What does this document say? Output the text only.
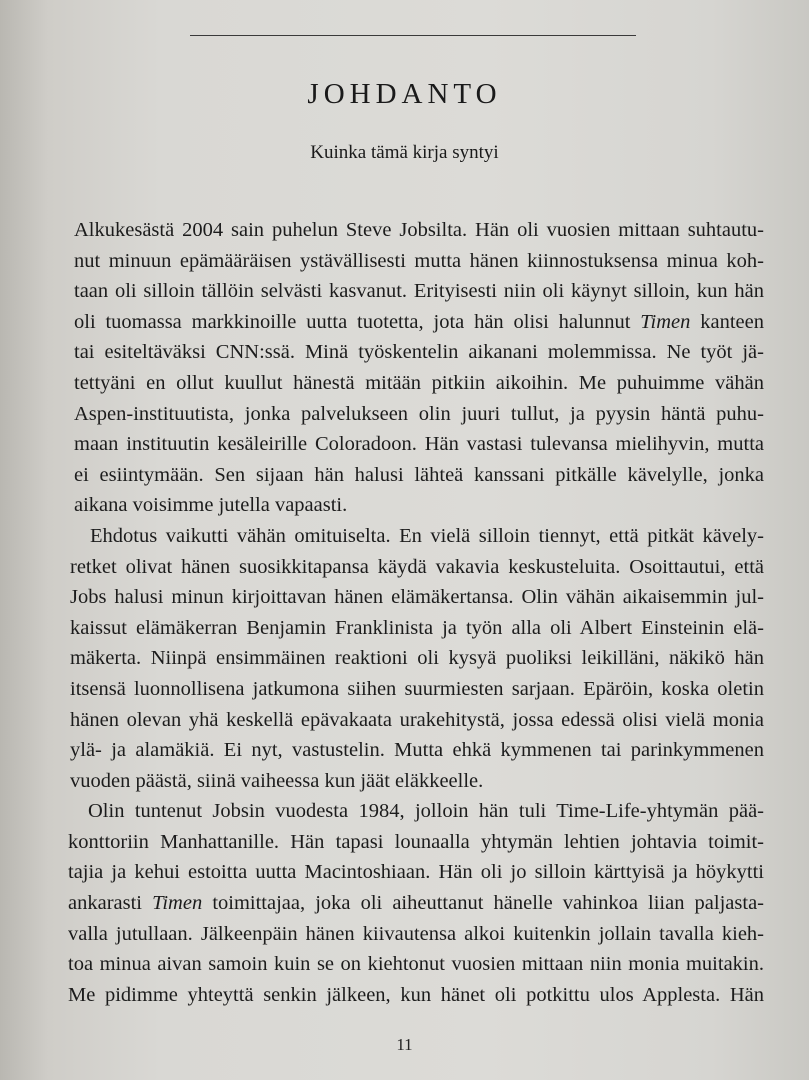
JOHDANTO
Kuinka tämä kirja syntyi
Alkukesästä 2004 sain puhelun Steve Jobsilta. Hän oli vuosien mittaan suhtautu-
nut minuun epämääräisen ystävällisesti mutta hänen kiinnostuksensa minua koh-
taan oli silloin tällöin selvästi kasvanut. Erityisesti niin oli käynyt silloin, kun hän
oli tuomassa markkinoille uutta tuotetta, jota hän olisi halunnut Timen kanteen
tai esiteltäväksi CNN:ssä. Minä työskentelin aikanani molemmissa. Ne työt jä-
tettyäni en ollut kuullut hänestä mitään pitkiin aikoihin. Me puhuimme vähän
Aspen-instituutista, jonka palvelukseen olin juuri tullut, ja pyysin häntä puhu-
maan instituutin kesäleirille Coloradoon. Hän vastasi tulevansa mielihyvin, mutta
ei esiintymään. Sen sijaan hän halusi lähteä kanssani pitkälle kävelylle, jonka
aikana voisimme jutella vapaasti.
Ehdotus vaikutti vähän omituiselta. En vielä silloin tiennyt, että pitkät kävely-
retket olivat hänen suosikkitapansa käydä vakavia keskusteluita. Osoittautui, että
Jobs halusi minun kirjoittavan hänen elämäkertansa. Olin vähän aikaisemmin jul-
kaissut elämäkerran Benjamin Franklinista ja työn alla oli Albert Einsteinin elä-
mäkerta. Niinpä ensimmäinen reaktioni oli kysyä puoliksi leikilläni, näkikö hän
itsensä luonnollisena jatkumona siihen suurmiesten sarjaan. Epäröin, koska oletin
hänen olevan yhä keskellä epävakaata urakehitystä, jossa edessä olisi vielä monia
ylä- ja alamäkiä. Ei nyt, vastustelin. Mutta ehkä kymmenen tai parinkymmenen
vuoden päästä, siinä vaiheessa kun jäät eläkkeelle.
Olin tuntenut Jobsin vuodesta 1984, jolloin hän tuli Time-Life-yhtymän pää-
konttoriin Manhattanille. Hän tapasi lounaalla yhtymän lehtien johtavia toimit-
tajia ja kehui estoitta uutta Macintoshiaan. Hän oli jo silloin kärttyisä ja höykytti
ankarasti Timen toimittajaa, joka oli aiheuttanut hänelle vahinkoa liian paljasta-
valla jutullaan. Jälkeenpäin hänen kiivautensa alkoi kuitenkin jollain tavalla kieh-
toa minua aivan samoin kuin se on kiehtonut vuosien mittaan niin monia muitakin.
Me pidimme yhteyttä senkin jälkeen, kun hänet oli potkittu ulos Applesta. Hän
11
